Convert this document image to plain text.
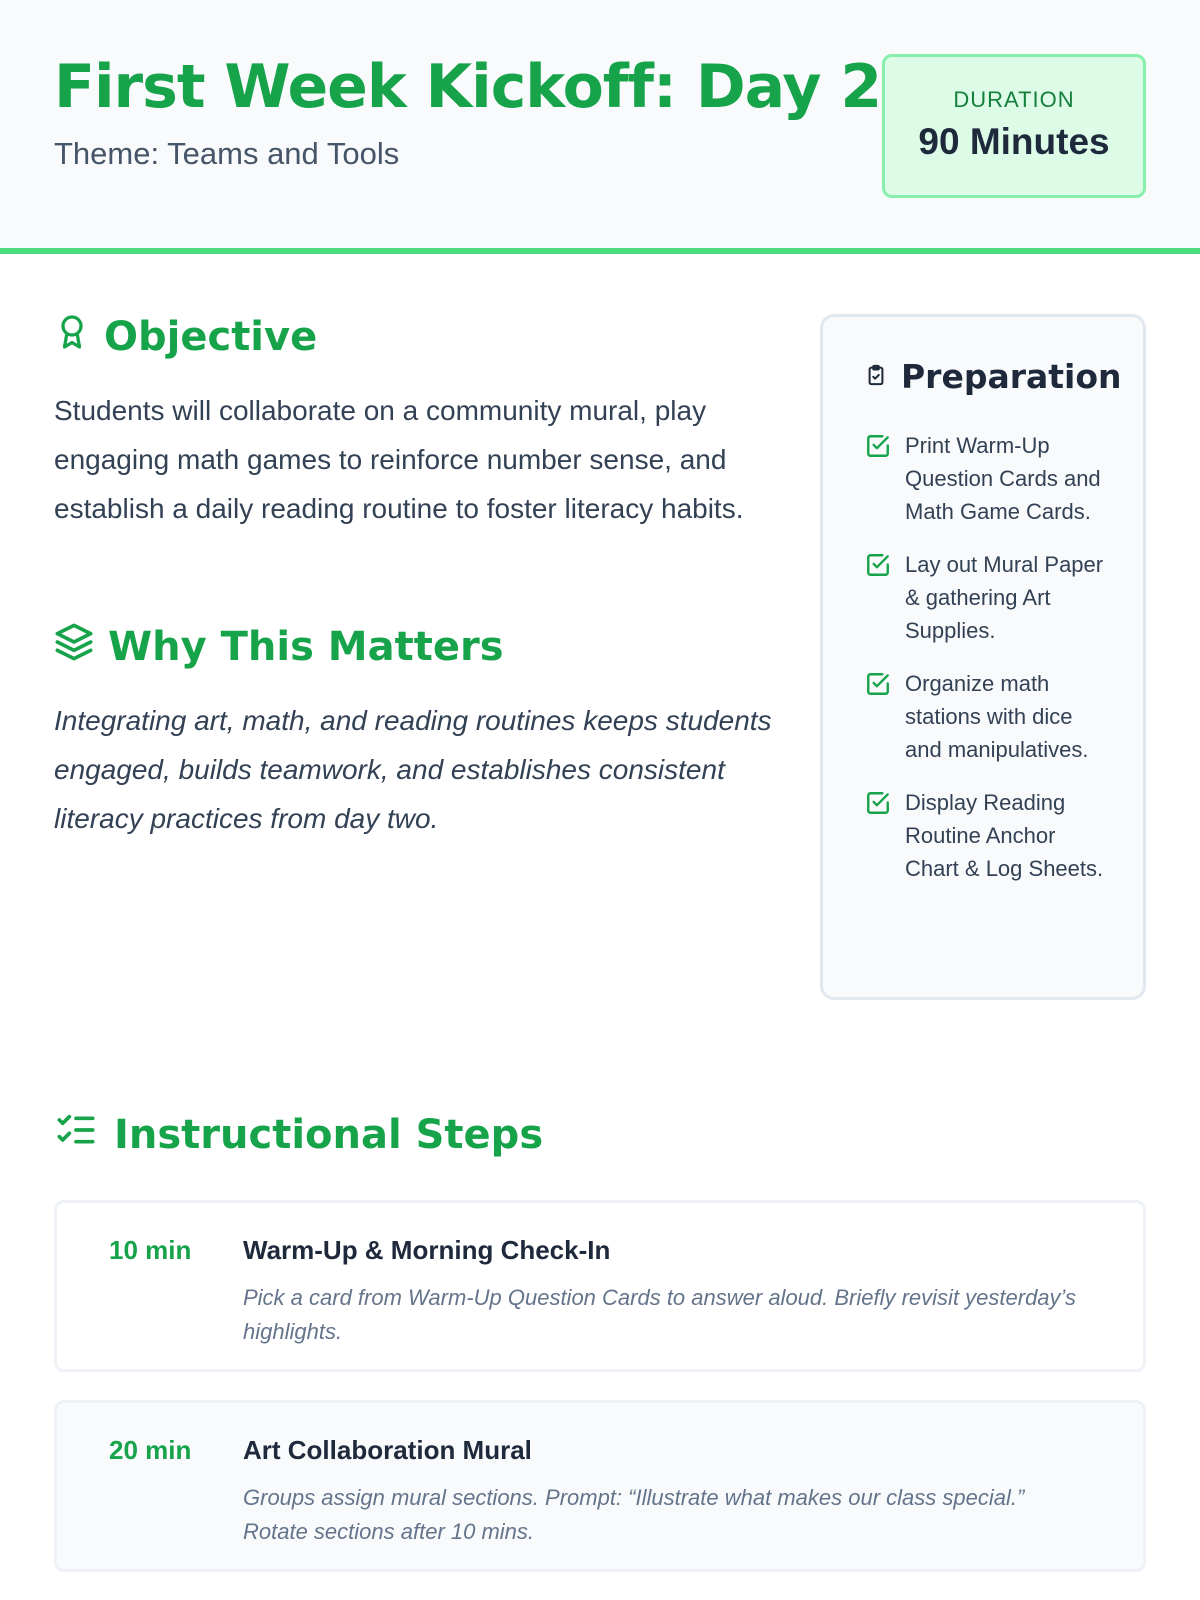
First Week Kickoff: Day 2

Theme: Teams and Tools

DURATION
90 Minutes
Objective

Students will collaborate on a community mural, play engaging math games to reinforce number sense, and establish a daily reading routine to foster literacy habits.

Why This Matters

Integrating art, math, and reading routines keeps students engaged, builds teamwork, and establishes consistent literacy practices from day two.

Preparation
Print Warm-Up Question Cards and Math Game Cards.
Lay out Mural Paper & gathering Art Supplies.
Organize math stations with dice and manipulatives.
Display Reading Routine Anchor Chart & Log Sheets.
Instructional Steps
10 min Warm-Up & Morning Check-In

Pick a card from Warm-Up Question Cards to answer aloud. Briefly revisit yesterday’s highlights.

20 min Art Collaboration Mural

Groups assign mural sections. Prompt: “Illustrate what makes our class special.” Rotate sections after 10 mins.
